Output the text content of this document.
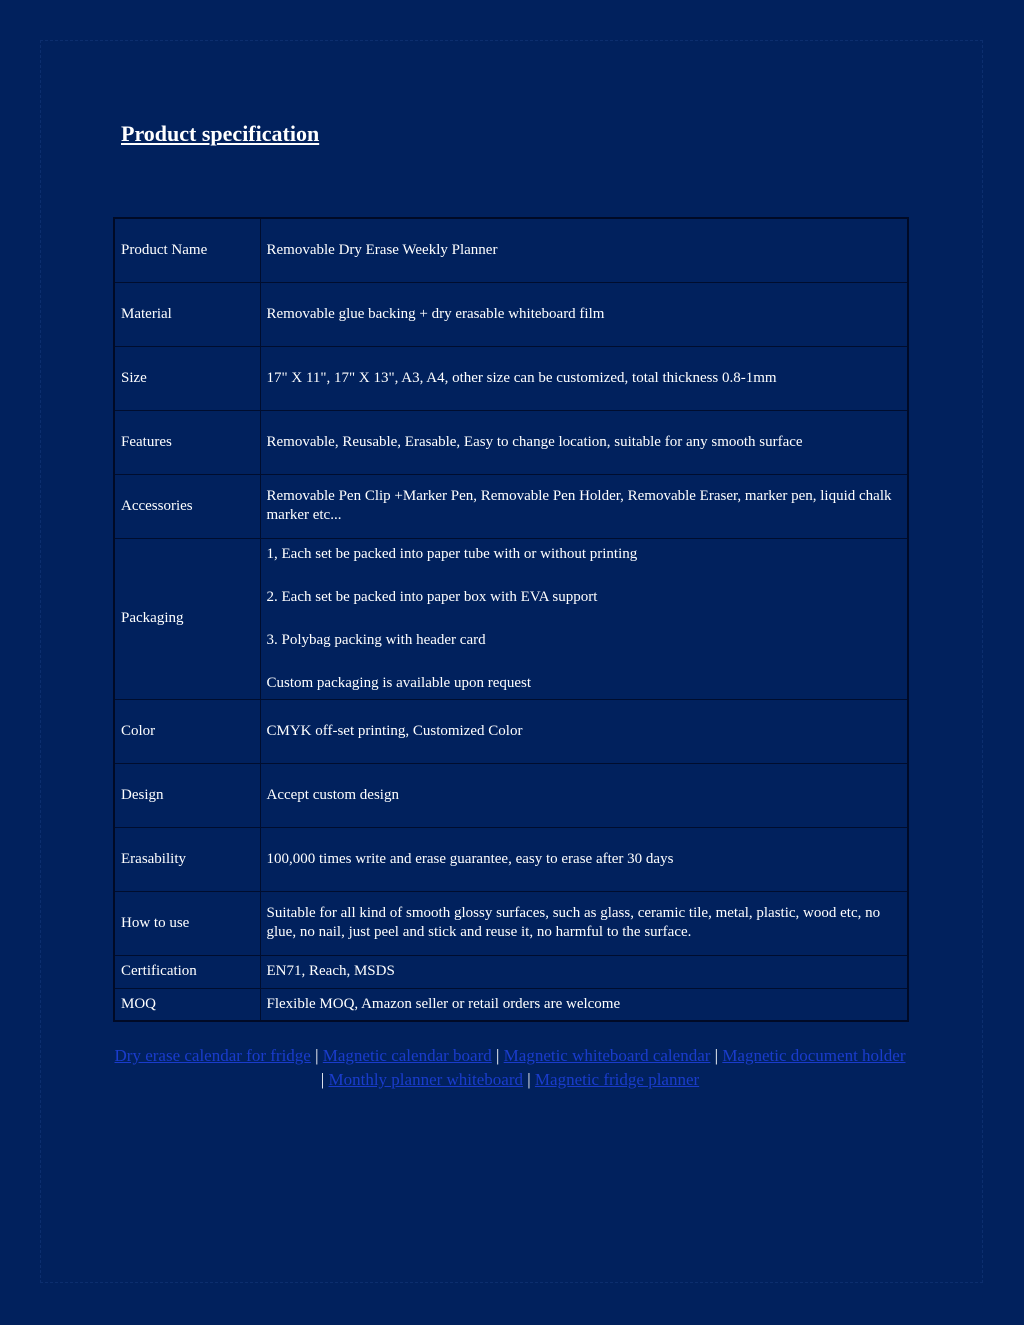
Product specification
Product Name	Removable Dry Erase Weekly Planner
Material	Removable glue backing + dry erasable whiteboard film
Size	17" X 11", 17" X 13", A3, A4, other size can be customized, total thickness 0.8-1mm
Features	Removable, Reusable, Erasable, Easy to change location, suitable for any smooth surface
Accessories	Removable Pen Clip +Marker Pen, Removable Pen Holder, Removable Eraser, marker pen, liquid chalk marker etc...
Packaging	1, Each set be packed into paper tube with or without printing

2. Each set be packed into paper box with EVA support

3. Polybag packing with header card

Custom packaging is available upon request

Color	CMYK off-set printing, Customized Color
Design	Accept custom design
Erasability	100,000 times write and erase guarantee, easy to erase after 30 days
How to use	Suitable for all kind of smooth glossy surfaces, such as glass, ceramic tile, metal, plastic, wood etc, no glue, no nail, just peel and stick and reuse it, no harmful to the surface.
Certification	EN71, Reach, MSDS
MOQ	Flexible MOQ, Amazon seller or retail orders are welcome
Dry erase calendar for fridge | Magnetic calendar board | Magnetic whiteboard calendar | Magnetic document holder | Monthly planner whiteboard | Magnetic fridge planner
